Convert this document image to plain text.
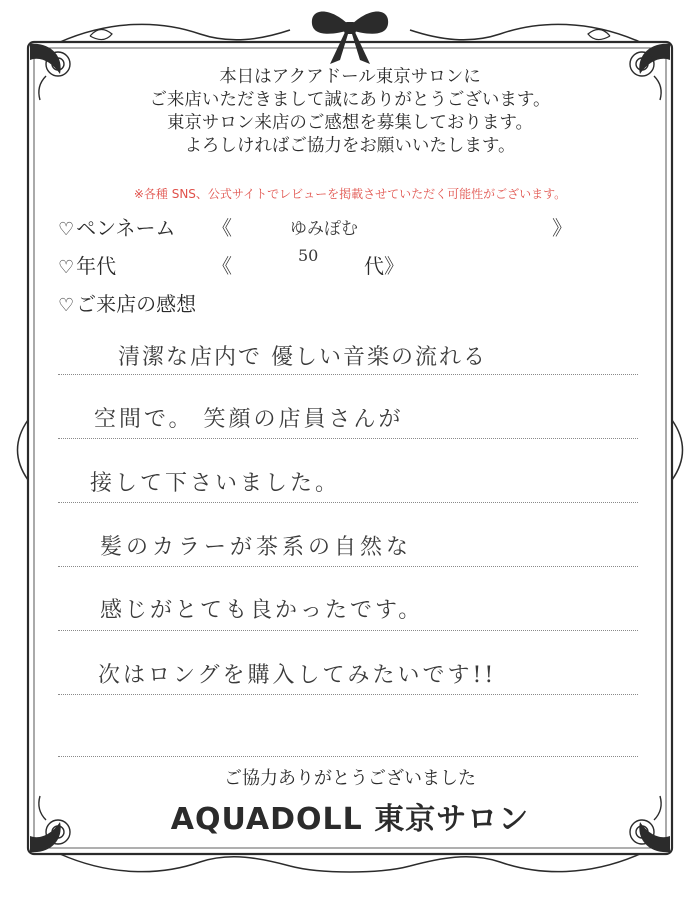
本日はアクアドール東京サロンに
ご来店いただきまして誠にありがとうございます。
東京サロン来店のご感想を募集しております。
よろしければご協力をお願いいたします。
※各種 SNS、公式サイトでレビューを掲載させていただく可能性がございます。
♡ ペンネーム 《	ゆみぽむ	》
♡ 年代	《	50 代》
♡ ご来店の感想
清潔な店内で 優しい音楽の流れる
空間で。 笑顔の店員さんが
接して下さいました。
髪のカラーが茶系の自然な
感じがとても良かったです。
次はロングを購入してみたいです!!
ご協力ありがとうございました
AQUADOLL 東京サロン
